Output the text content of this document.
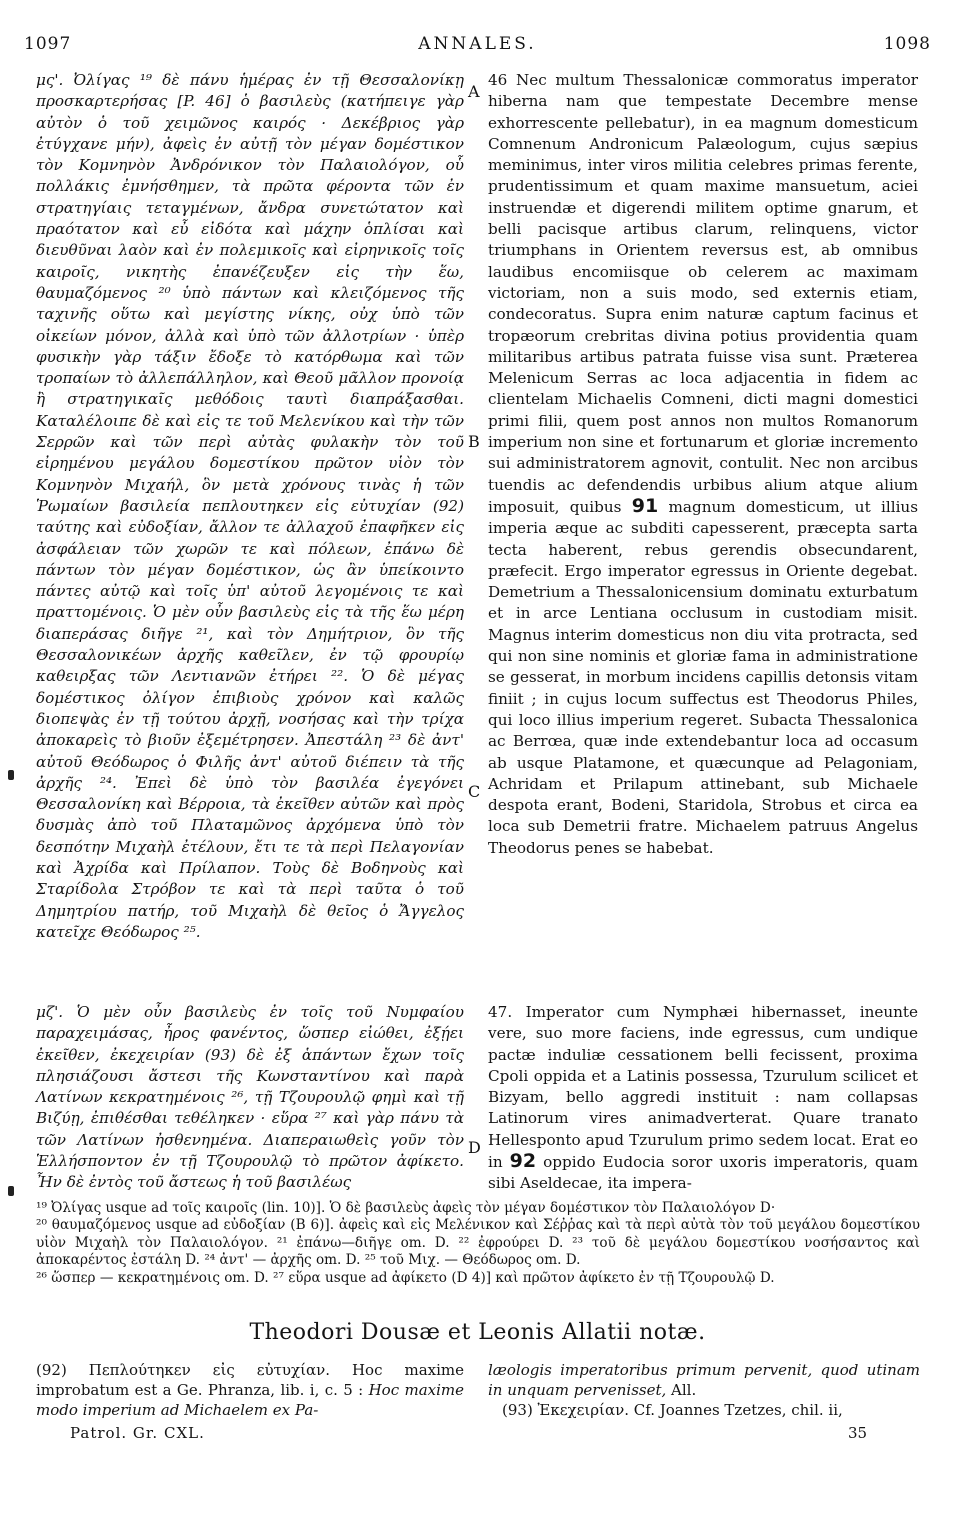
1097	ANNALES.	1098

μς'. Ὀλίγας ¹⁹ δὲ πάνυ ἡμέρας ἐν τῇ Θεσσαλονίκῃ προσκαρτερήσας [P. 46] ὁ βασιλεὺς (κατήπειγε γὰρ αὐτὸν ὁ τοῦ χειμῶνος καιρός · Δεκέβριος γὰρ ἐτύγχανε μήν), ἀφεὶς ἐν αὐτῇ τὸν μέγαν δομέστικον τὸν Κομνηνὸν Ἀνδρόνικον τὸν Παλαιολόγον, οὗ πολλάκις ἐμνήσθημεν, τὰ πρῶτα φέροντα τῶν ἐν στρατηγίαις τεταγμένων, ἄνδρα συνετώτατον καὶ πραότατον καὶ εὖ εἰδότα καὶ μάχην ὁπλίσαι καὶ διευθῦναι λαὸν καὶ ἐν πολεμικοῖς καὶ εἰρηνικοῖς τοῖς καιροῖς, νικητὴς ἐπανέζευξεν εἰς τὴν ἕω, θαυμαζόμενος ²⁰ ὑπὸ πάντων καὶ κλειζόμενος τῆς ταχινῆς οὕτω καὶ μεγίστης νίκης, οὐχ ὑπὸ τῶν οἰκείων μόνον, ἀλλὰ καὶ ὑπὸ τῶν ἀλλοτρίων · ὑπὲρ φυσικὴν γὰρ τάξιν ἔδοξε τὸ κατόρθωμα καὶ τῶν τροπαίων τὸ ἀλλεπάλληλον, καὶ Θεοῦ μᾶλλον προνοίᾳ ἢ στρατηγικαῖς μεθόδοις ταυτὶ διαπράξασθαι. Καταλέλοιπε δὲ καὶ εἰς τε τοῦ Μελενίκου καὶ τὴν τῶν Σερρῶν καὶ τῶν περὶ αὐτὰς φυλακὴν τὸν τοῦ εἰρημένου μεγάλου δομεστίκου πρῶτον υἱὸν τὸν Κομνηνὸν Μιχαήλ, ὃν μετὰ χρόνους τινὰς ἡ τῶν Ῥωμαίων βασιλεία πεπλουτηκεν εἰς εὐτυχίαν (92) ταύτης καὶ εὐδοξίαν, ἄλλον τε ἀλλαχοῦ ἐπαφῆκεν εἰς ἀσφάλειαν τῶν χωρῶν τε καὶ πόλεων, ἐπάνω δὲ πάντων τὸν μέγαν δομέστικον, ὡς ἂν ὑπείκοιντο πάντες αὐτῷ καὶ τοῖς ὑπ' αὐτοῦ λεγομένοις τε καὶ πραττομένοις. Ὁ μὲν οὖν βασιλεὺς εἰς τὰ τῆς ἕω μέρη διαπεράσας διῆγε ²¹, καὶ τὸν Δημήτριον, ὃν τῆς Θεσσαλονικέων ἀρχῆς καθεῖλεν, ἐν τῷ φρουρίῳ καθειρξας τῶν Λεντιανῶν ἐτήρει ²². Ὁ δὲ μέγας δομέστικος ὀλίγον ἐπιβιοὺς χρόνον καὶ καλῶς διοπεψὰς ἐν τῇ τούτου ἀρχῇ, νοσήσας καὶ τὴν τρίχα ἀποκαρεὶς τὸ βιοῦν ἐξεμέτρησεν. Ἀπεστάλη ²³ δὲ ἀντ' αὐτοῦ Θεόδωρος ὁ Φιλῆς ἀντ' αὐτοῦ διέπειν τὰ τῆς ἀρχῆς ²⁴. Ἐπεὶ δὲ ὑπὸ τὸν βασιλέα ἐγεγόνει Θεσσαλονίκη καὶ Βέρροια, τὰ ἐκεῖθεν αὐτῶν καὶ πρὸς δυσμὰς ἀπὸ τοῦ Πλαταμῶνος ἀρχόμενα ὑπὸ τὸν δεσπότην Μιχαὴλ ἐτέλουν, ἔτι τε τὰ περὶ Πελαγονίαν καὶ Ἀχρίδα καὶ Πρίλαπον. Τοὺς δὲ Βοδηνοὺς καὶ Σταρίδολα Στρόβον τε καὶ τὰ περὶ ταῦτα ὁ τοῦ Δημητρίου πατήρ, τοῦ Μιχαὴλ δὲ θεῖος ὁ Ἄγγελος κατεῖχε Θεόδωρος ²⁵.

A
B
C
D

46 Nec multum Thessalonicæ commoratus imperator hiberna nam que tempestate Decembre mense exhorrescente pellebatur), in ea magnum domesticum Comnenum Andronicum Palæologum, cujus sæpius meminimus, inter viros militia celebres primas ferente, prudentissimum et quam maxime mansuetum, aciei instruendæ et digerendi militem optime gnarum, et belli pacisque artibus clarum, relinquens, victor triumphans in Orientem reversus est, ab omnibus laudibus encomiisque ob celerem ac maximam victoriam, non a suis modo, sed externis etiam, condecoratus. Supra enim naturæ captum facinus et tropæorum crebritas divina potius providentia quam militaribus artibus patrata fuisse visa sunt. Præterea Melenicum Serras ac loca adjacentia in fidem ac clientelam Michaelis Comneni, dicti magni domestici primi filii, quem post annos non multos Romanorum imperium non sine et fortunarum et gloriæ incremento sui administratorem agnovit, contulit. Nec non arcibus tuendis ac defendendis urbibus alium atque alium imposuit, quibus 91 magnum domesticum, ut illius imperia æque ac subditi capesserent, præcepta sarta tecta haberent, rebus gerendis obsecundarent, præfecit. Ergo imperator egressus in Oriente degebat. Demetrium a Thessalonicensium dominatu exturbatum et in arce Lentiana occlusum in custodiam misit. Magnus interim domesticus non diu vita protracta, sed qui non sine nominis et gloriæ fama in administratione se gesserat, in morbum incidens capillis detonsis vitam finiit ; in cujus locum suffectus est Theodorus Philes, qui loco illius imperium regeret. Subacta Thessalonica ac Berrœa, quæ inde extendebantur loca ad occasum ab usque Platamone, et quæcunque ad Pelagoniam, Achridam et Prilapum attinebant, sub Michaele despota erant, Bodeni, Staridola, Strobus et circa ea loca sub Demetrii fratre. Michaelem patruus Angelus Theodorus penes se habebat.

μζ'. Ὁ μὲν οὖν βασιλεὺς ἐν τοῖς τοῦ Νυμφαίου παραχειμάσας, ἦρος φανέντος, ὥσπερ εἰώθει, ἐξῄει ἐκεῖθεν, ἐκεχειρίαν (93) δὲ ἐξ ἁπάντων ἔχων τοῖς πλησιάζουσι ἄστεσι τῆς Κωνσταντίνου καὶ παρὰ Λατίνων κεκρατημένοις ²⁶, τῇ Τζουρουλῷ φημὶ καὶ τῇ Βιζύῃ, ἐπιθέσθαι τεθέληκεν · εὕρα ²⁷ καὶ γὰρ πάνυ τὰ τῶν Λατίνων ἠσθενημένα. Διαπεραιωθεὶς γοῦν τὸν Ἑλλήσποντον ἐν τῇ Τζουρουλῷ τὸ πρῶτον ἀφίκετο. Ἦν δὲ ἐντὸς τοῦ ἄστεως ἡ τοῦ βασιλέως

47. Imperator cum Nymphæi hibernasset, ineunte vere, suo more faciens, inde egressus, cum undique pactæ induliæ cessationem belli fecissent, proxima Cpoli oppida et a Latinis possessa, Tzurulum scilicet et Bizyam, bello aggredi instituit : nam collapsas Latinorum vires animadverterat. Quare tranato Hellesponto apud Tzurulum primo sedem locat. Erat eo in 92 oppido Eudocia soror uxoris imperatoris, quam sibi Aseldecae, ita impera-

¹⁹ Ὀλίγας usque ad τοῖς καιροῖς (lin. 10)]. Ὁ δὲ βασιλεὺς ἀφεὶς τὸν μέγαν δομέστικον τὸν Παλαιολόγον D·

²⁰ θαυμαζόμενος usque ad εὐδοξίαν (B 6)]. ἀφεὶς καὶ εἰς Μελένικον καὶ Σέῤῥας καὶ τὰ περὶ αὐτὰ τὸν τοῦ μεγάλου δομεστίκου υἱὸν Μιχαὴλ τὸν Παλαιολόγον. ²¹ ἐπάνω—διῆγε om. D. ²² ἐφρούρει D. ²³ τοῦ δὲ μεγάλου δομεστίκου νοσήσαντος καὶ ἀποκαρέντος ἐστάλη D. ²⁴ ἀντ' — ἀρχῆς om. D. ²⁵ τοῦ Μιχ. — Θεόδωρος om. D.

²⁶ ὥσπερ — κεκρατημένοις om. D. ²⁷ εὕρα usque ad ἀφίκετο (D 4)] καὶ πρῶτον ἀφίκετο ἐν τῇ Τζουρουλῷ D.

Theodori Dousæ et Leonis Allatii notæ.

(92) Πεπλούτηκεν εἰς εὐτυχίαν. Hoc maxime improbatum est a Ge. Phranza, lib. i, c. 5 : Hoc maxime modo imperium ad Michaelem ex Pa-

læologis imperatoribus primum pervenit, quod utinam in unquam pervenisset, All.

(93) Ἐκεχειρίαν. Cf. Joannes Tzetzes, chil. ii,

Patrol. Gr. CXL.	35
